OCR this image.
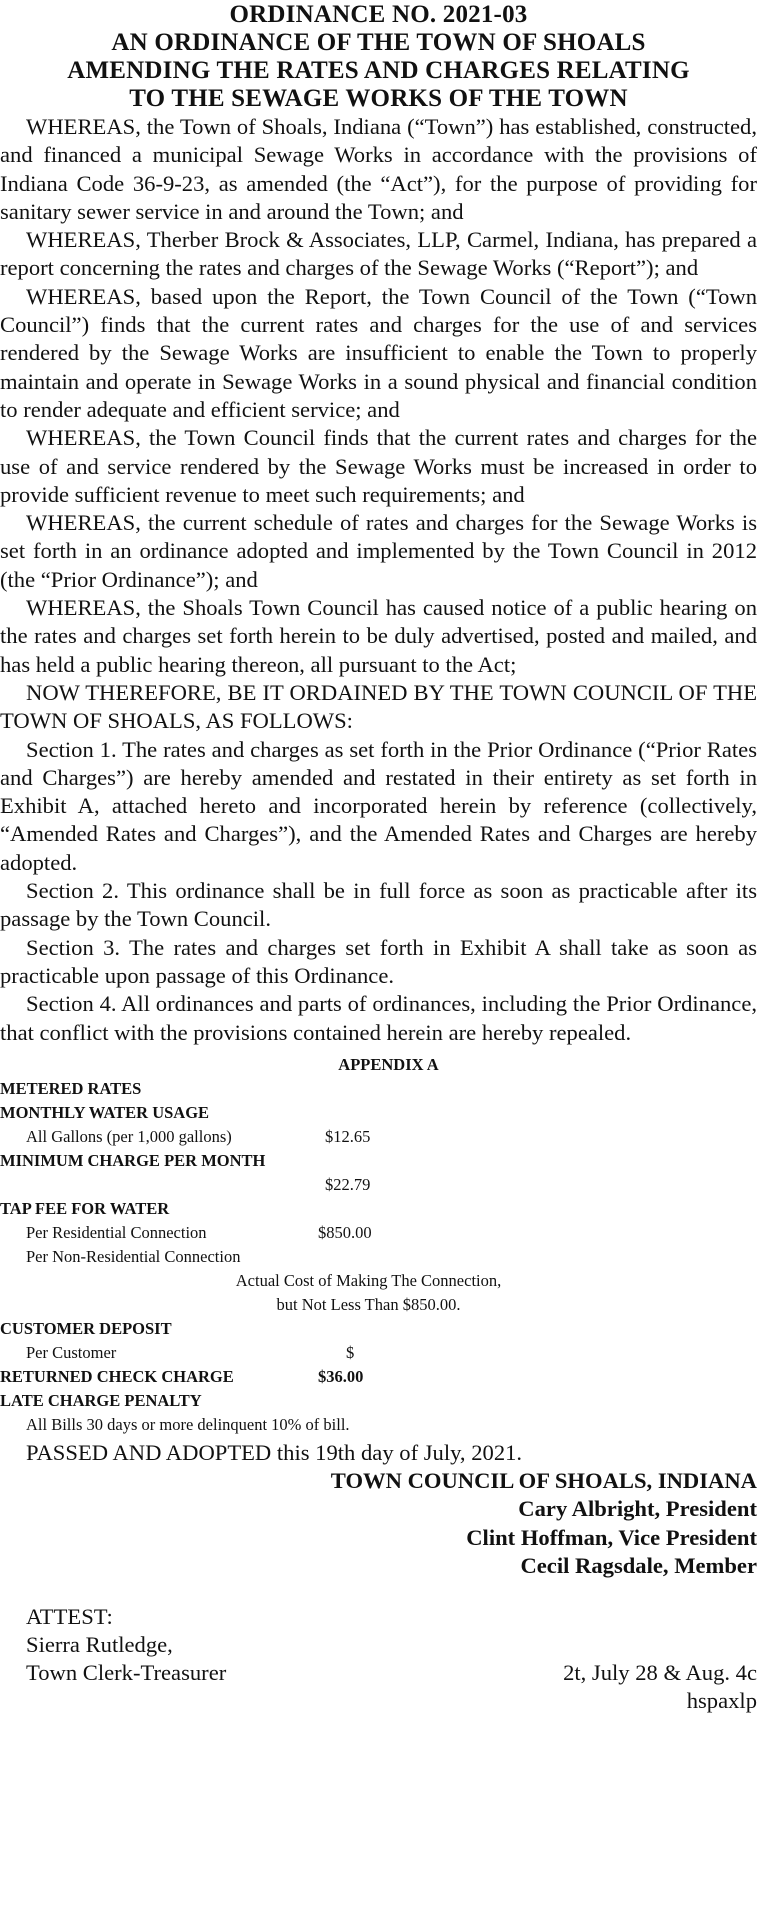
ORDINANCE NO. 2021-03
AN ORDINANCE OF THE TOWN OF SHOALS
AMENDING THE RATES AND CHARGES RELATING
TO THE SEWAGE WORKS OF THE TOWN

WHEREAS, the Town of Shoals, Indiana (“Town”) has established, constructed, and financed a municipal Sewage Works in accordance with the provisions of Indiana Code 36-9-23, as amended (the “Act”), for the purpose of providing for sanitary sewer service in and around the Town; and

WHEREAS, Therber Brock & Associates, LLP, Carmel, Indiana, has prepared a report concerning the rates and charges of the Sewage Works (“Report”); and

WHEREAS, based upon the Report, the Town Council of the Town (“Town Council”) finds that the current rates and charges for the use of and services rendered by the Sewage Works are insufficient to enable the Town to properly maintain and operate in Sewage Works in a sound physical and financial condition to render adequate and efficient service; and

WHEREAS, the Town Council finds that the current rates and charges for the use of and service rendered by the Sewage Works must be increased in order to provide sufficient revenue to meet such requirements; and

WHEREAS, the current schedule of rates and charges for the Sewage Works is set forth in an ordinance adopted and implemented by the Town Council in 2012 (the “Prior Ordinance”); and

WHEREAS, the Shoals Town Council has caused notice of a public hearing on the rates and charges set forth herein to be duly advertised, posted and mailed, and has held a public hearing thereon, all pursuant to the Act;

NOW THEREFORE, BE IT ORDAINED BY THE TOWN COUNCIL OF THE TOWN OF SHOALS, AS FOLLOWS:

Section 1. The rates and charges as set forth in the Prior Ordinance (“Prior Rates and Charges”) are hereby amended and restated in their entirety as set forth in Exhibit A, attached hereto and incorporated herein by reference (collectively, “Amended Rates and Charges”), and the Amended Rates and Charges are hereby adopted.

Section 2. This ordinance shall be in full force as soon as practicable after its passage by the Town Council.

Section 3. The rates and charges set forth in Exhibit A shall take as soon as practicable upon passage of this Ordinance.

Section 4. All ordinances and parts of ordinances, including the Prior Ordinance, that conflict with the provisions contained herein are hereby repealed.

APPENDIX A
METERED RATES
MONTHLY WATER USAGE
All Gallons (per 1,000 gallons)	$12.65
MINIMUM CHARGE PER MONTH
$22.79
TAP FEE FOR WATER
Per Residential Connection	$850.00
Per Non-Residential Connection
Actual Cost of Making The Connection,
but Not Less Than $850.00.
CUSTOMER DEPOSIT
Per Customer	$
RETURNED CHECK CHARGE	$36.00
LATE CHARGE PENALTY
All Bills 30 days or more delinquent 10% of bill.
PASSED AND ADOPTED this 19th day of July, 2021.
TOWN COUNCIL OF SHOALS, INDIANA
Cary Albright, President
Clint Hoffman, Vice President
Cecil Ragsdale, Member
ATTEST:
Sierra Rutledge,
Town Clerk-Treasurer	2t, July 28 & Aug. 4c
hspaxlp
